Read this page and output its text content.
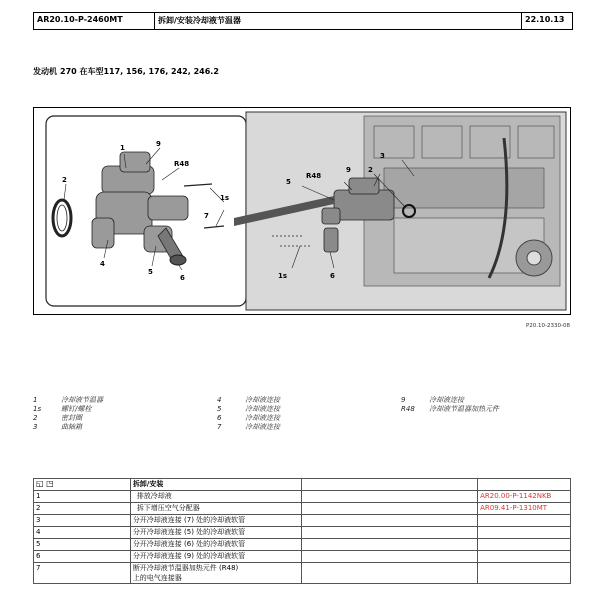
AR20.10-P-2460MT	拆卸/安装冷却液节温器	22.10.13
发动机 270 在车型117, 156, 176, 242, 246.2
1	9
R48
2
1s
7
4
5
6
R48
9
3
2
5
1s	6
P20.10-2330-08
1	冷却液节温器
1s	螺钉/螺栓
2	密封圈
3	曲轴箱
4	冷却液连接
5	冷却液连接
6	冷却液连接
7	冷却液连接
9	冷却液连接
R48 冷却液节温器加热元件
◱ ◳	拆卸/安装		
1	排放冷却液		AR20.00-P-1142NKB
2	拆下增压空气分配器		AR09.41-P-1310MT
3	分开冷却液连接 (7) 处的冷却液软管		
4	分开冷却液连接 (5) 处的冷却液软管		
5	分开冷却液连接 (6) 处的冷却液软管		
6	分开冷却液连接 (9) 处的冷却液软管		
7	断开冷却液节温器加热元件 (R48)
上的电气连接器		
